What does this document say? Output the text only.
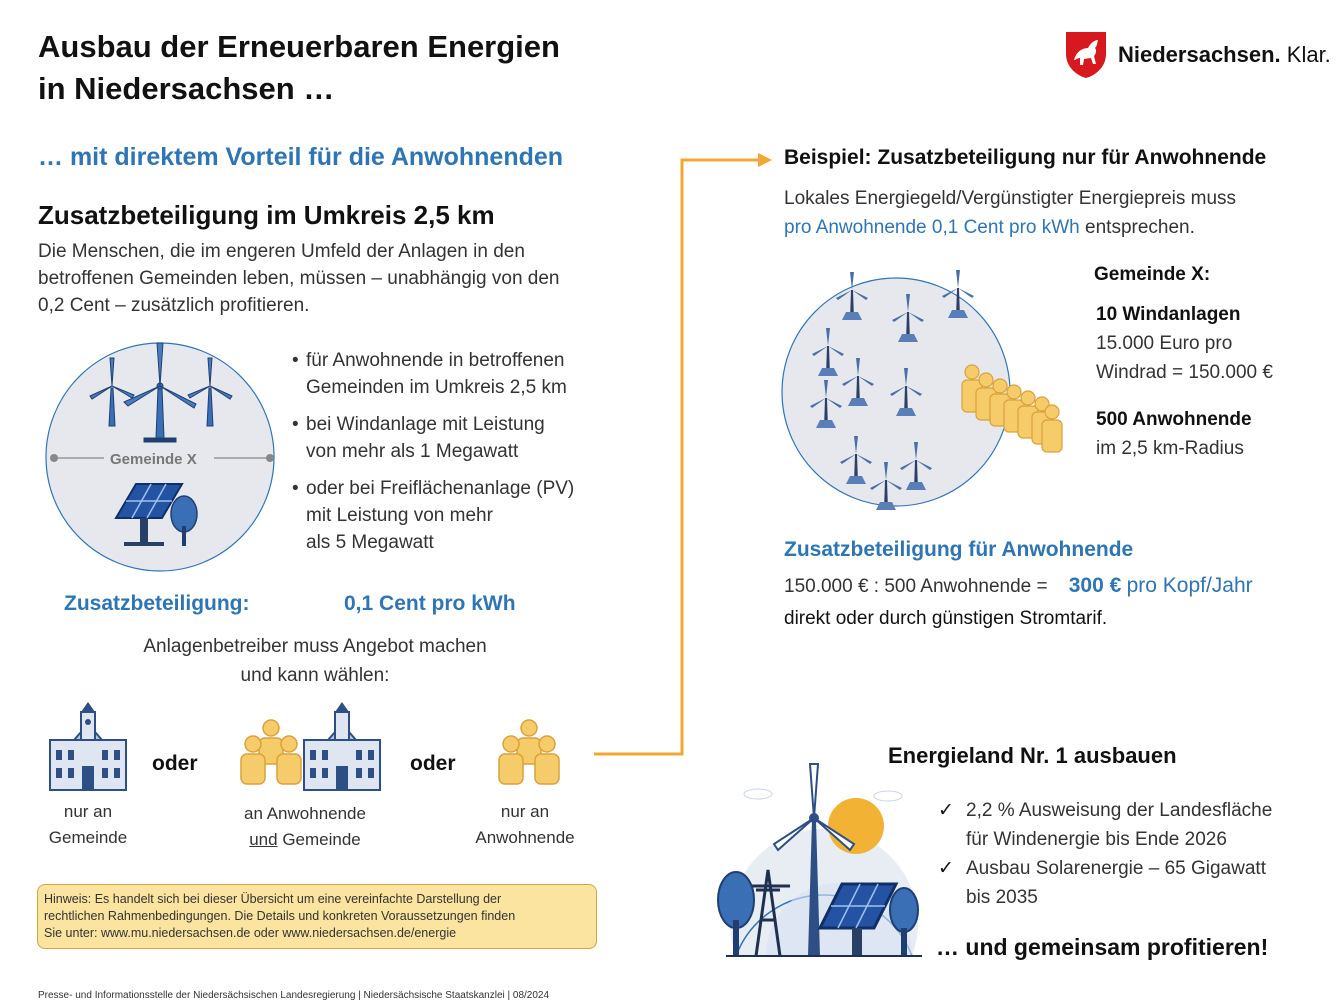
Ausbau der Erneuerbaren Energien
in Niedersachsen …
Niedersachsen. Klar.
… mit direktem Vorteil für die Anwohnenden
Zusatzbeteiligung im Umkreis 2,5 km
Die Menschen, die im engeren Umfeld der Anlagen in den
betroffenen Gemeinden leben, müssen – unabhängig von den
0,2 Cent – zusätzlich profitieren.
Gemeinde X
• für Anwohnende in betroffenen
Gemeinden im Umkreis 2,5 km
• bei Windanlage mit Leistung
von mehr als 1 Megawatt
• oder bei Freiflächenanlage (PV)
mit Leistung von mehr
als 5 Megawatt
Zusatzbeteiligung:	0,1 Cent pro kWh
Anlagenbetreiber muss Angebot machen
und kann wählen:
oder	oder
nur an
Gemeinde
an Anwohnende
und Gemeinde
nur an
Anwohnende
Hinweis: Es handelt sich bei dieser Übersicht um eine vereinfachte Darstellung der
rechtlichen Rahmenbedingungen. Die Details und konkreten Voraussetzungen finden
Sie unter: www.mu.niedersachsen.de oder www.niedersachsen.de/energie
Presse- und Informationsstelle der Niedersächsischen Landesregierung | Niedersächsische Staatskanzlei | 08/2024
Beispiel: Zusatzbeteiligung nur für Anwohnende
Lokales Energiegeld/Vergünstigter Energiepreis muss
pro Anwohnende 0,1 Cent pro kWh entsprechen.
Gemeinde X:
10 Windanlagen
15.000 Euro pro
Windrad = 150.000 €
500 Anwohnende
im 2,5 km-Radius
Zusatzbeteiligung für Anwohnende
150.000 € : 500 Anwohnende = 300 € pro Kopf/Jahr
direkt oder durch günstigen Stromtarif.
Energieland Nr. 1 ausbauen
✓ 2,2 % Ausweisung der Landesfläche
für Windenergie bis Ende 2026
✓ Ausbau Solarenergie – 65 Gigawatt
bis 2035
… und gemeinsam profitieren!
